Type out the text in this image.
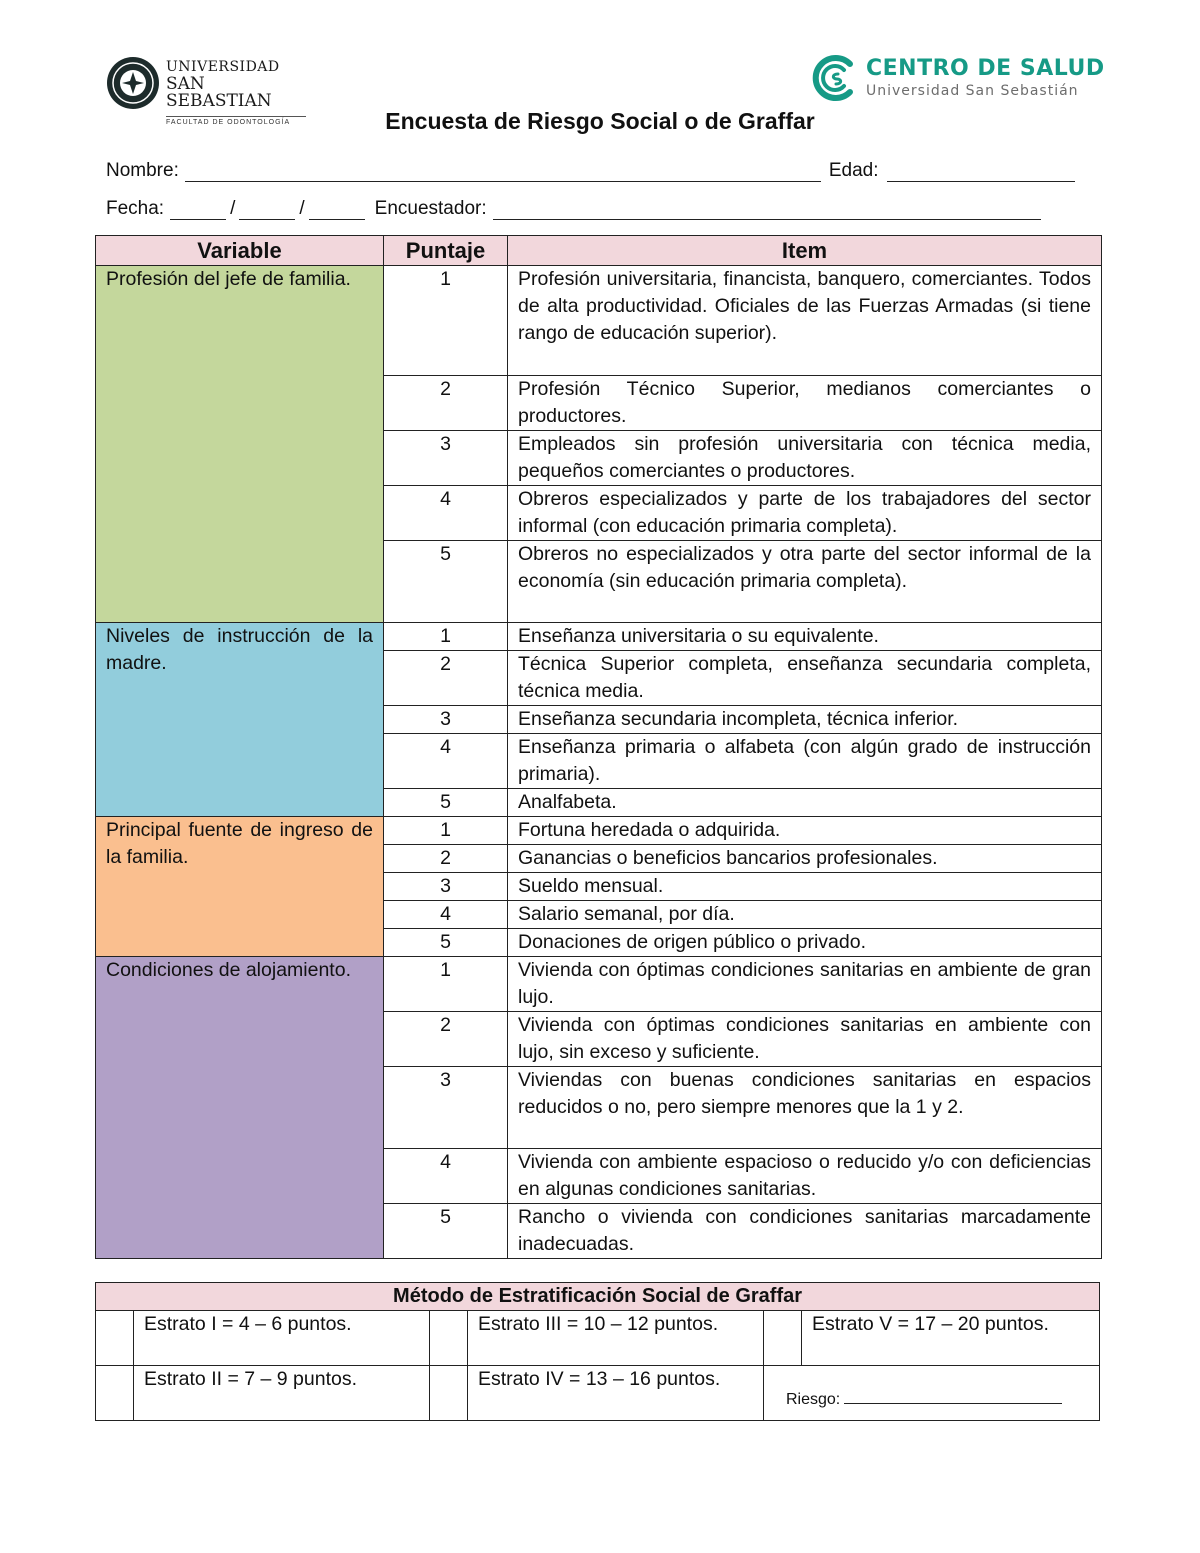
UNIVERSIDAD
SAN SEBASTIAN
FACULTAD DE ODONTOLOGÍA
CENTRO DE SALUD
Universidad San Sebastián
Encuesta de Riesgo Social o de Graffar
Nombre:	Edad:
Fecha:	/	/	Encuestador:
Variable	Puntaje	Item
Profesión del jefe de familia.	1	Profesión universitaria, financista, banquero, comerciantes. Todos de alta productividad. Oficiales de las Fuerzas Armadas (si tiene rango de educación superior).
	2	Profesión Técnico Superior, medianos comerciantes o productores.
	3	Empleados sin profesión universitaria con técnica media, pequeños comerciantes o productores.
	4	Obreros especializados y parte de los trabajadores del sector informal (con educación primaria completa).
	5	Obreros no especializados y otra parte del sector informal de la economía (sin educación primaria completa).
Niveles de instrucción de la madre.	1	Enseñanza universitaria o su equivalente.
	2	Técnica Superior completa, enseñanza secundaria completa, técnica media.
	3	Enseñanza secundaria incompleta, técnica inferior.
	4	Enseñanza primaria o alfabeta (con algún grado de instrucción primaria).
	5	Analfabeta.
Principal fuente de ingreso de la familia.	1	Fortuna heredada o adquirida.
	2	Ganancias o beneficios bancarios profesionales.
	3	Sueldo mensual.
	4	Salario semanal, por día.
	5	Donaciones de origen público o privado.
Condiciones de alojamiento.	1	Vivienda con óptimas condiciones sanitarias en ambiente de gran lujo.
	2	Vivienda con óptimas condiciones sanitarias en ambiente con lujo, sin exceso y suficiente.
	3	Viviendas con buenas condiciones sanitarias en espacios reducidos o no, pero siempre menores que la 1 y 2.
	4	Vivienda con ambiente espacioso o reducido y/o con deficiencias en algunas condiciones sanitarias.
	5	Rancho o vivienda con condiciones sanitarias marcadamente inadecuadas.
Método de Estratificación Social de Graffar					
	Estrato I = 4 – 6 puntos.		Estrato III = 10 – 12 puntos.		Estrato V = 17 – 20 puntos.
	Estrato II = 7 – 9 puntos.		Estrato IV = 13 – 16 puntos.	Riesgo:	
